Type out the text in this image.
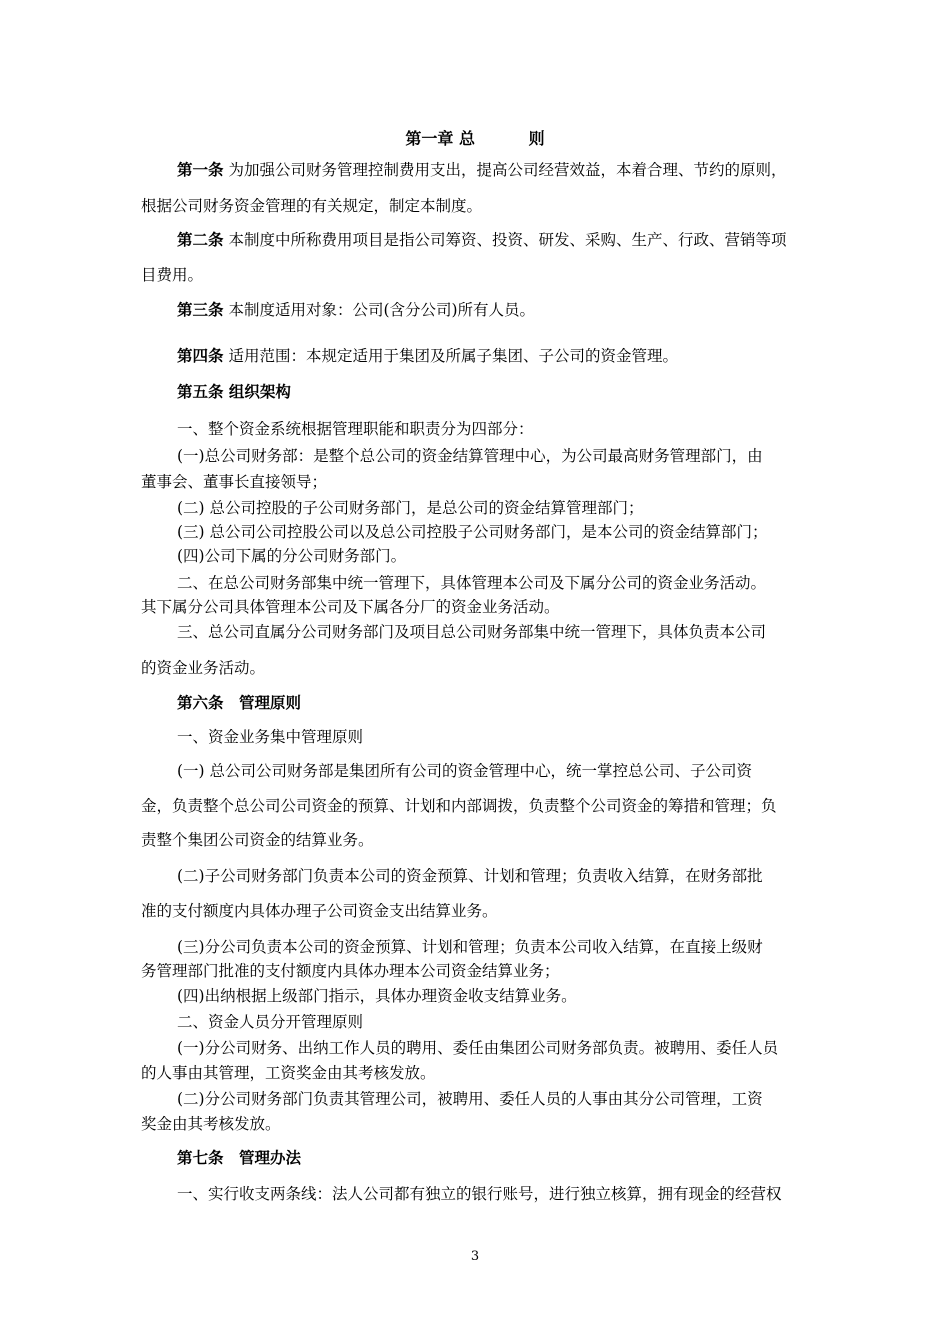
第一章 总　　　 则
第一条 为加强公司财务管理控制费用支出，提高公司经营效益，本着合理、节约的原则，
根据公司财务资金管理的有关规定，制定本制度。
第二条 本制度中所称费用项目是指公司筹资、投资、研发、采购、生产、行政、营销等项
目费用。
第三条 本制度适用对象：公司(含分公司)所有人员。
第四条 适用范围：本规定适用于集团及所属子集团、子公司的资金管理。
第五条 组织架构
一、整个资金系统根据管理职能和职责分为四部分：
(一)总公司财务部：是整个总公司的资金结算管理中心，为公司最高财务管理部门，由
董事会、董事长直接领导；
(二) 总公司控股的子公司财务部门，是总公司的资金结算管理部门；
(三) 总公司公司控股公司以及总公司控股子公司财务部门，是本公司的资金结算部门；
(四)公司下属的分公司财务部门。
二、在总公司财务部集中统一管理下，具体管理本公司及下属分公司的资金业务活动。
其下属分公司具体管理本公司及下属各分厂的资金业务活动。
三、总公司直属分公司财务部门及项目总公司财务部集中统一管理下，具体负责本公司
的资金业务活动。
第六条　管理原则
一、资金业务集中管理原则
(一) 总公司公司财务部是集团所有公司的资金管理中心，统一掌控总公司、子公司资
金，负责整个总公司公司资金的预算、计划和内部调拨，负责整个公司资金的筹措和管理；负
责整个集团公司资金的结算业务。
(二)子公司财务部门负责本公司的资金预算、计划和管理；负责收入结算，在财务部批
准的支付额度内具体办理子公司资金支出结算业务。
(三)分公司负责本公司的资金预算、计划和管理；负责本公司收入结算，在直接上级财
务管理部门批准的支付额度内具体办理本公司资金结算业务；
(四)出纳根据上级部门指示，具体办理资金收支结算业务。
二、资金人员分开管理原则
(一)分公司财务、出纳工作人员的聘用、委任由集团公司财务部负责。被聘用、委任人员
的人事由其管理，工资奖金由其考核发放。
(二)分公司财务部门负责其管理公司，被聘用、委任人员的人事由其分公司管理，工资
奖金由其考核发放。
第七条　管理办法
一、实行收支两条线：法人公司都有独立的银行账号，进行独立核算，拥有现金的经营权
3
